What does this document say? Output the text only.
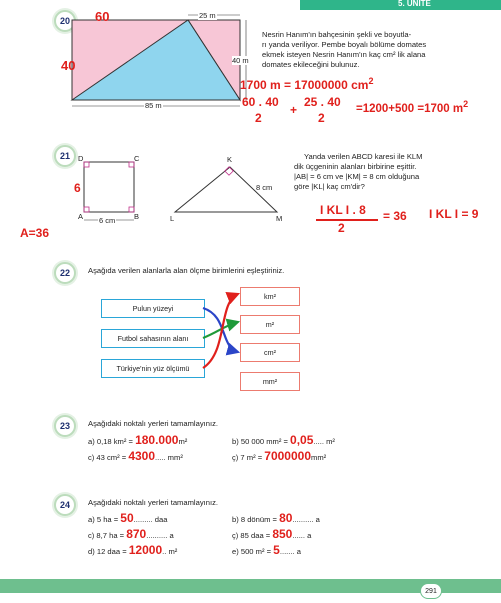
5. ÜNİTE
20
25 m
40 m
85 m
60
40
Nesrin Hanım'ın bahçesinin şekli ve boyutla-
rı yanda veriliyor. Pembe boyalı bölüme domates
ekmek isteyen Nesrin Hanım'ın kaç cm² lik alana
domates ekileceğini bulunuz.
1700 m = 17000000 $cm^2$
60 . 40
2
+
25 . 40
2
=1200+500 =1700 $m^2$
21	D	C
A	B
6 cm
K
L	M
8 cm
6
A=36
Yanda verilen ABCD karesi ile KLM
dik üçgeninin alanları birbirine eşittir.
|AB| = 6 cm ve |KM| = 8 cm olduğuna
göre |KL| kaç cm'dir?
I KL I . 8
2
= 36 I KL I = 9
22	Aşağıda verilen alanlarla alan ölçme birimlerini eşleştiriniz.
Pulun yüzeyi
Futbol sahasının alanı
Türkiye'nin yüz ölçümü
km²
m²
cm²
mm²
23	Aşağıdaki noktalı yerleri tamamlayınız.
a) 0,18 km² = 180.000m²	b) 50 000 mm² = 0,05..... m²
c) 43 cm² = 4300..... mm²	ç) 7 m² = 7000000mm²
24	Aşağıdaki noktalı yerleri tamamlayınız.
a) 5 ha = 50......... daa	b) 8 dönüm = 80.......... a
c) 8,7 ha = 870.......... a	ç) 85 daa = 850...... a
d) 12 daa = 12000.. m²	e) 500 m² = 5....... a
291
